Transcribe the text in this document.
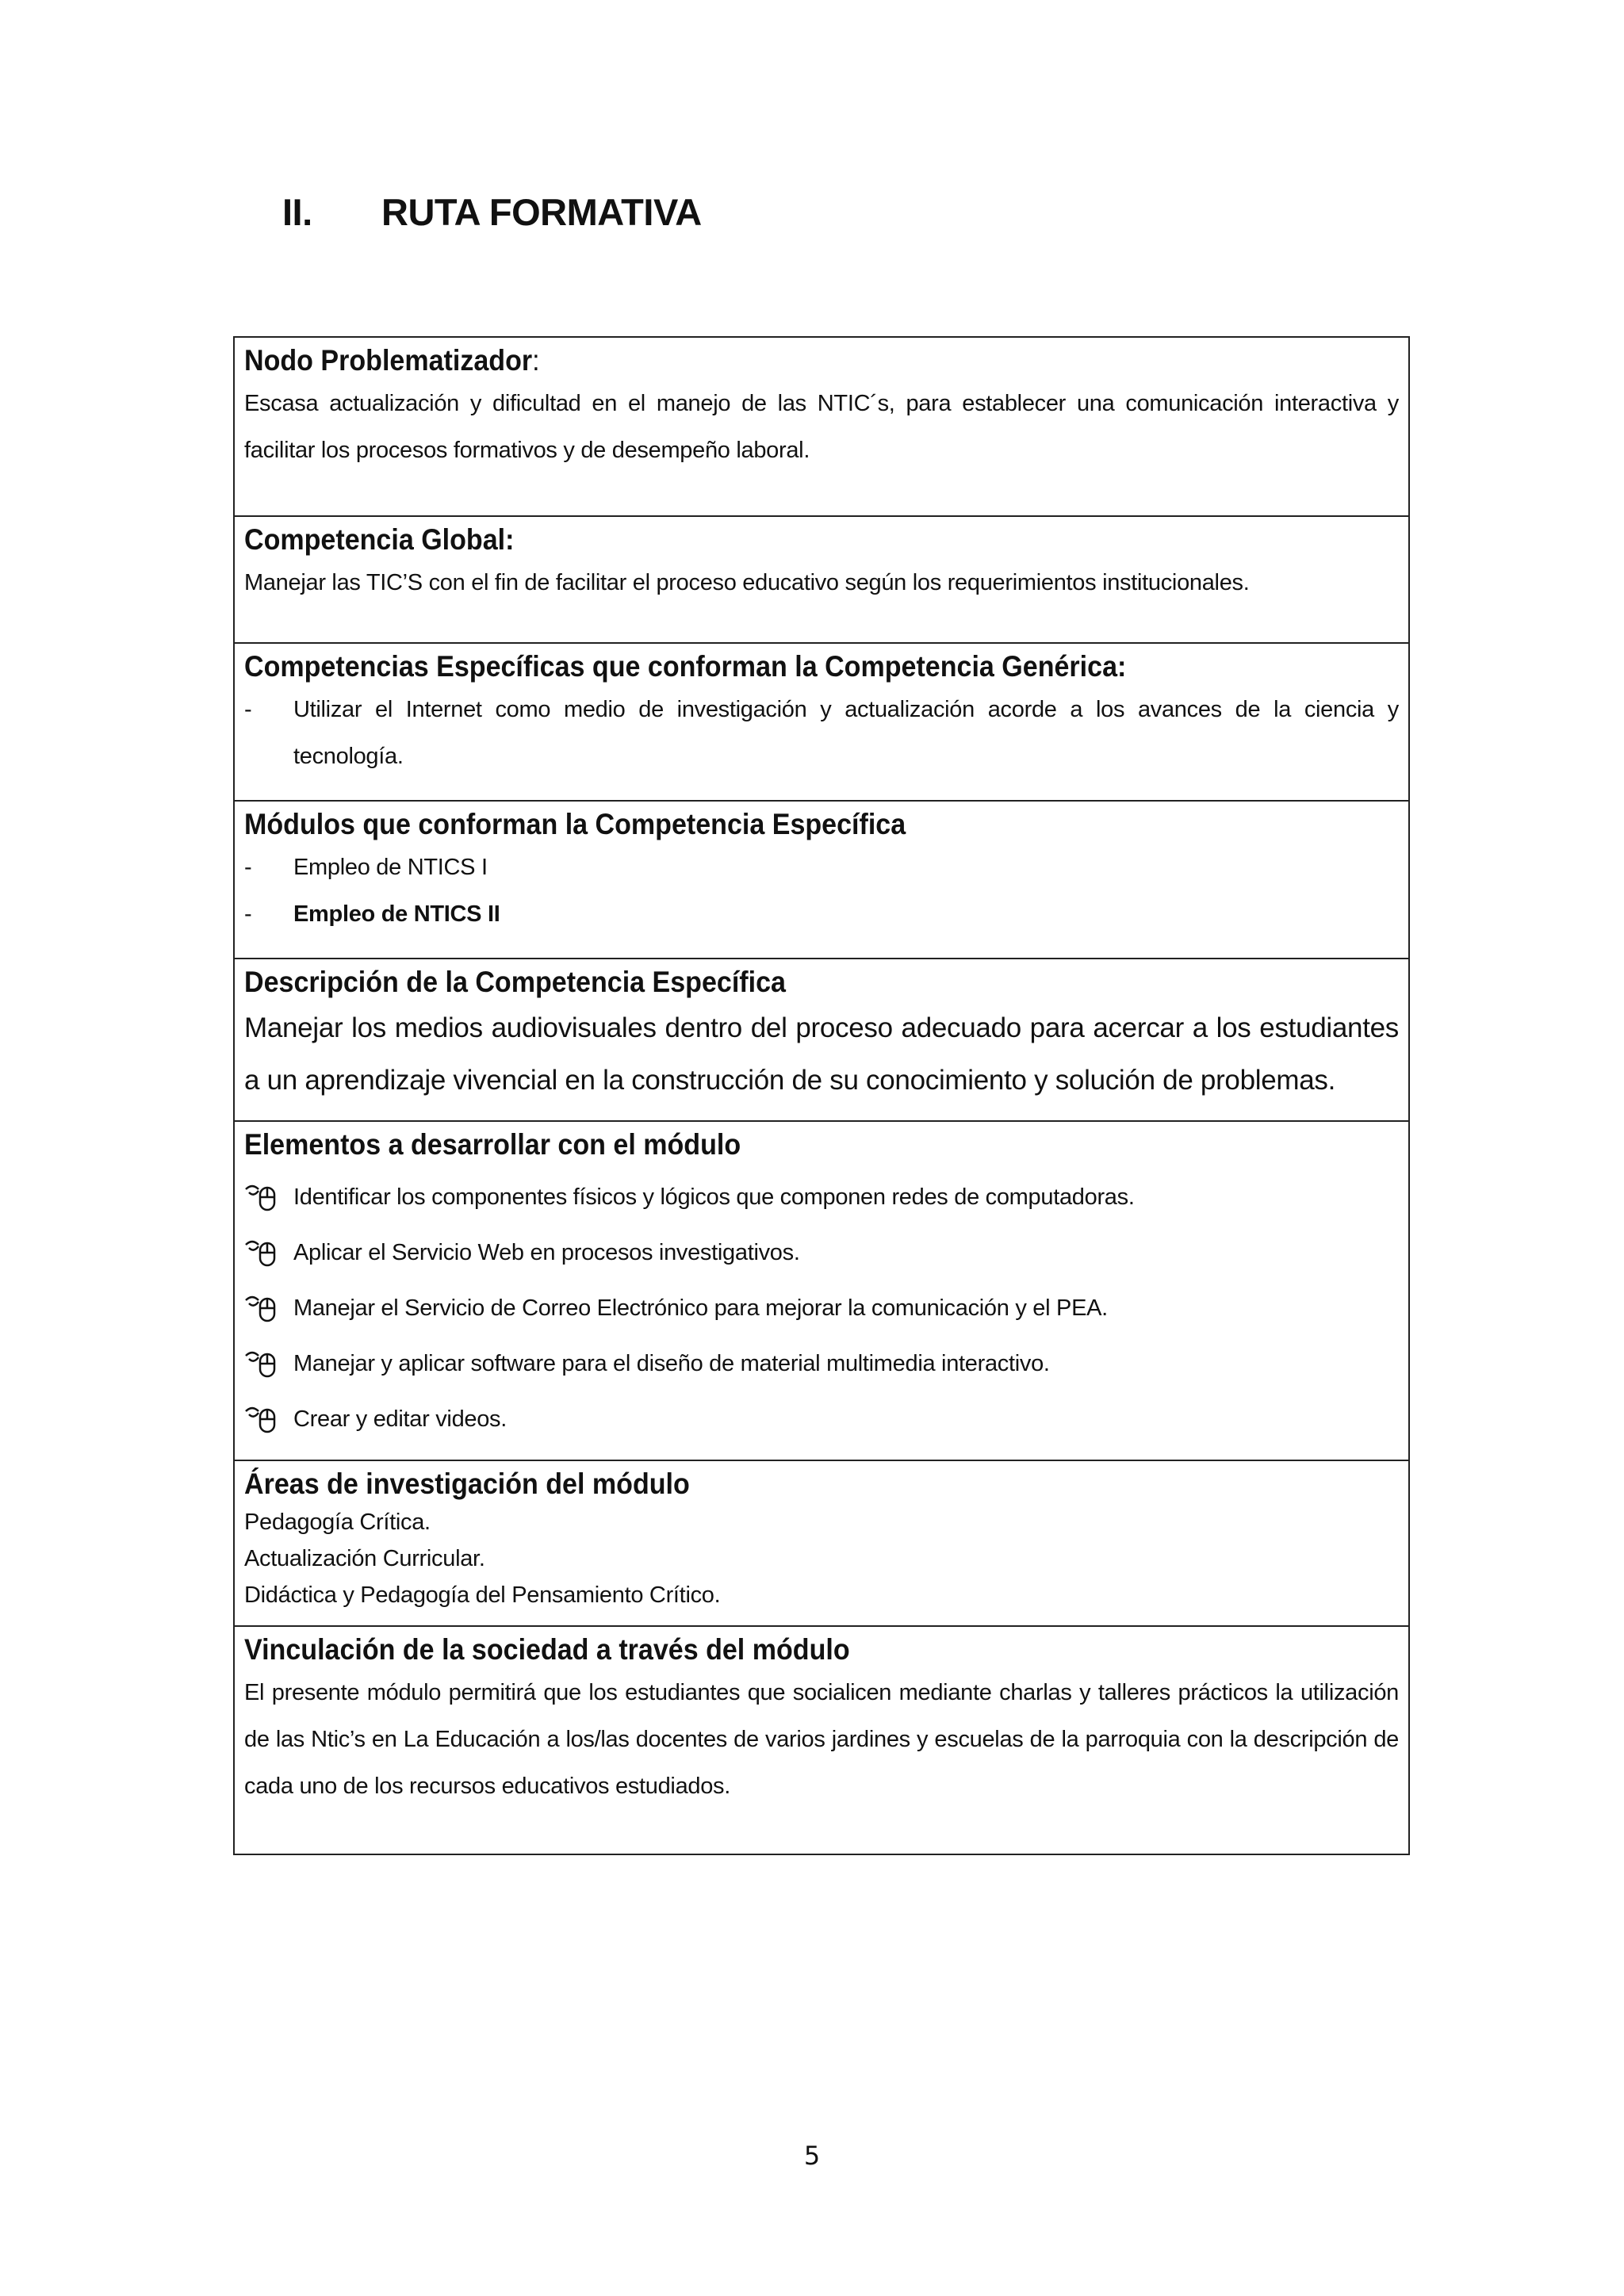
II.	RUTA FORMATIVA
Nodo Problematizador:

Escasa actualización y dificultad en el manejo de las NTIC´s, para establecer una comunicación interactiva y facilitar los procesos formativos y de desempeño laboral.

Competencia Global:

Manejar las TIC’S con el fin de facilitar el proceso educativo según los requerimientos institucionales.

Competencias Específicas que conforman la Competencia Genérica:
-	Utilizar el Internet como medio de investigación y actualización acorde a los avances de la ciencia y tecnología.
Módulos que conforman la Competencia Específica
-	Empleo de NTICS I
-	Empleo de NTICS II
Descripción de la Competencia Específica

Manejar los medios audiovisuales dentro del proceso adecuado para acercar a los estudiantes a un aprendizaje vivencial en la construcción de su conocimiento y solución de problemas.

Elementos a desarrollar con el módulo
Identificar los componentes físicos y lógicos que componen redes de computadoras.
Aplicar el Servicio Web en procesos investigativos.
Manejar el Servicio de Correo Electrónico para mejorar la comunicación y el PEA.
Manejar y aplicar software para el diseño de material multimedia interactivo.
Crear y editar videos.
Áreas de investigación del módulo

Pedagogía Crítica.

Actualización Curricular.

Didáctica y Pedagogía del Pensamiento Crítico.

Vinculación de la sociedad a través del módulo

El presente módulo permitirá que los estudiantes que socialicen mediante charlas y talleres prácticos la utilización de las Ntic’s en La Educación a los/las docentes de varios jardines y escuelas de la parroquia con la descripción de cada uno de los recursos educativos estudiados.

5
